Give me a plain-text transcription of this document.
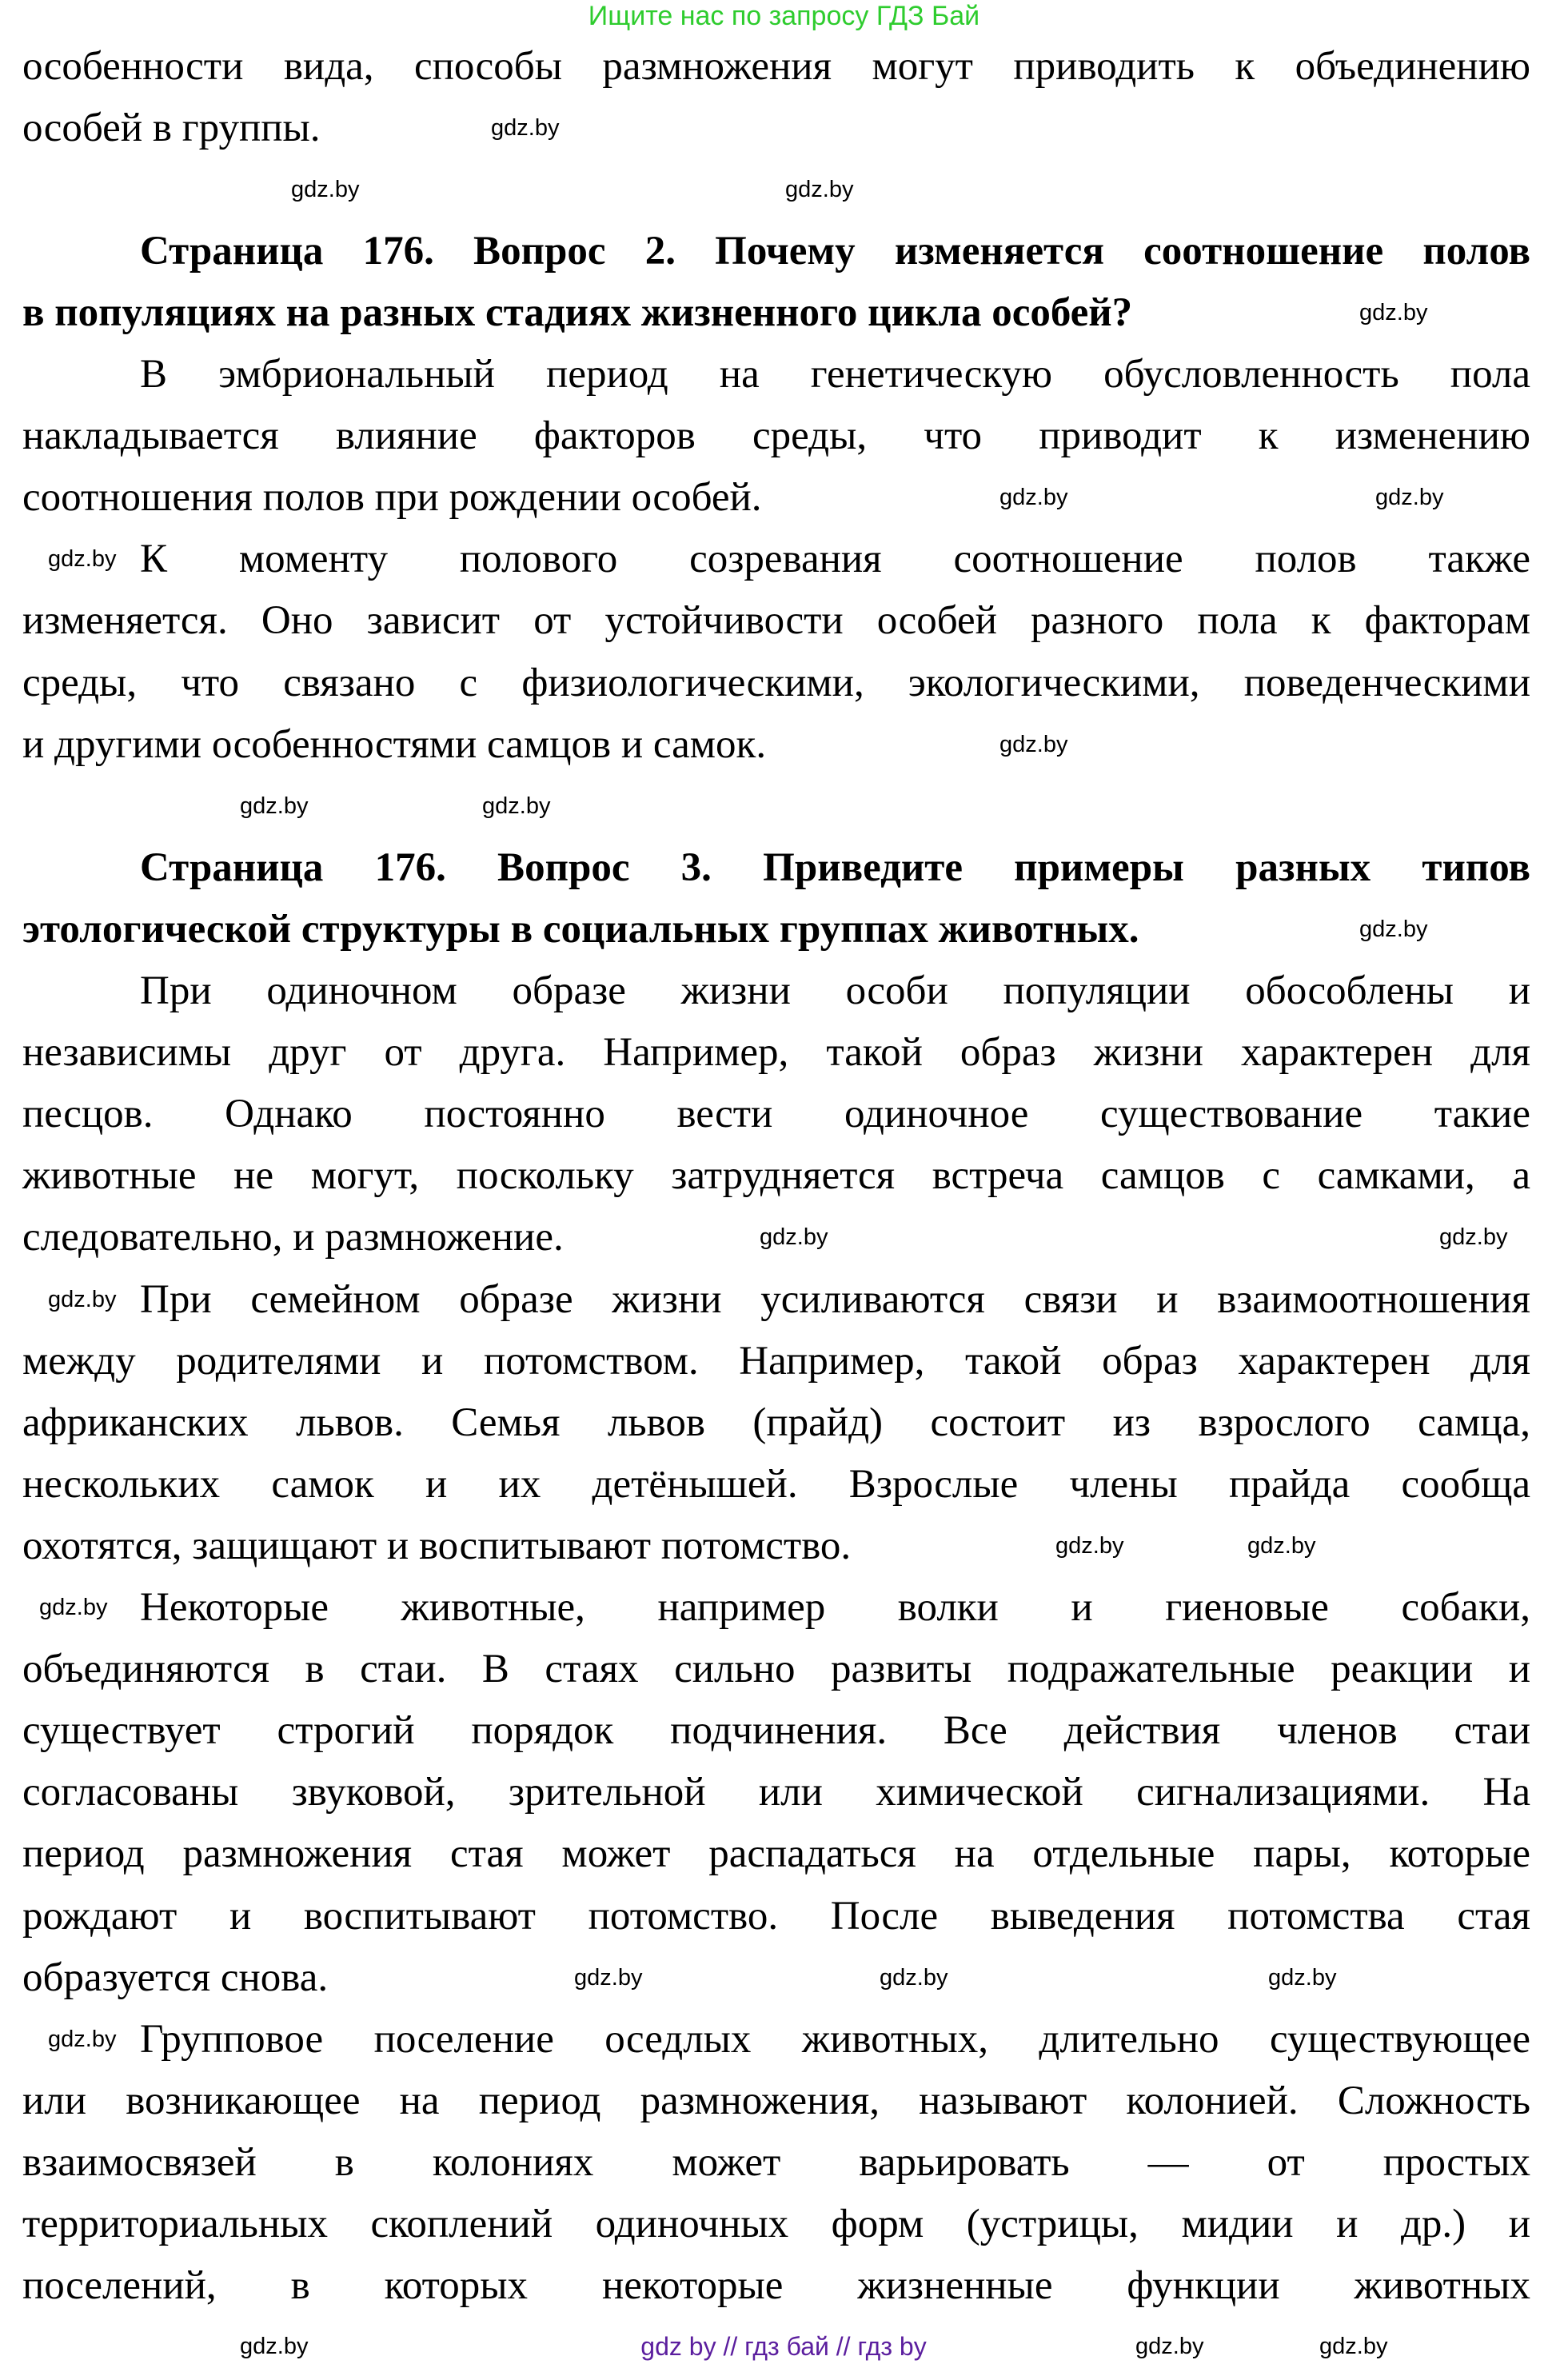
Ищите нас по запросу ГДЗ Бай
особенности вида, способы размножения могут приводить к объединению
особей в группы.
Страница 176. Вопрос 2. Почему изменяется соотношение полов
в популяциях на разных стадиях жизненного цикла особей?
В эмбриональный период на генетическую обусловленность пола
накладывается влияние факторов среды, что приводит к изменению
соотношения полов при рождении особей.
К моменту полового созревания соотношение полов также
изменяется. Оно зависит от устойчивости особей разного пола к факторам
среды, что связано с физиологическими, экологическими, поведенческими
и другими особенностями самцов и самок.
Страница 176. Вопрос 3. Приведите примеры разных типов
этологической структуры в социальных группах животных.
При одиночном образе жизни особи популяции обособлены и
независимы друг от друга. Например, такой образ жизни характерен для
песцов. Однако постоянно вести одиночное существование такие
животные не могут, поскольку затрудняется встреча самцов с самками, а
следовательно, и размножение.
При семейном образе жизни усиливаются связи и взаимоотношения
между родителями и потомством. Например, такой образ характерен для
африканских львов. Семья львов (прайд) состоит из взрослого самца,
нескольких самок и их детёнышей. Взрослые члены прайда сообща
охотятся, защищают и воспитывают потомство.
Некоторые животные, например волки и гиеновые собаки,
объединяются в стаи. В стаях сильно развиты подражательные реакции и
существует строгий порядок подчинения. Все действия членов стаи
согласованы звуковой, зрительной или химической сигнализациями. На
период размножения стая может распадаться на отдельные пары, которые
рождают и воспитывают потомство. После выведения потомства стая
образуется снова.
Групповое поселение оседлых животных, длительно существующее
или возникающее на период размножения, называют колонией. Сложность
взаимосвязей в колониях может варьировать — от простых
территориальных скоплений одиночных форм (устрицы, мидии и др.) и
поселений, в которых некоторые жизненные функции животных
gdz.by
gdz.by	gdz.by
gdz.by
gdz.by
gdz.by
gdz.by
gdz.by
gdz.by
gdz.by
gdz.by
gdz.by
gdz.by
gdz.by
gdz.by	gdz.by
gdz.by
gdz.by
gdz.by
gdz.by
gdz.by
gdz.by
gdz.by	gdz.by
gdz by // гдз бай // гдз by
